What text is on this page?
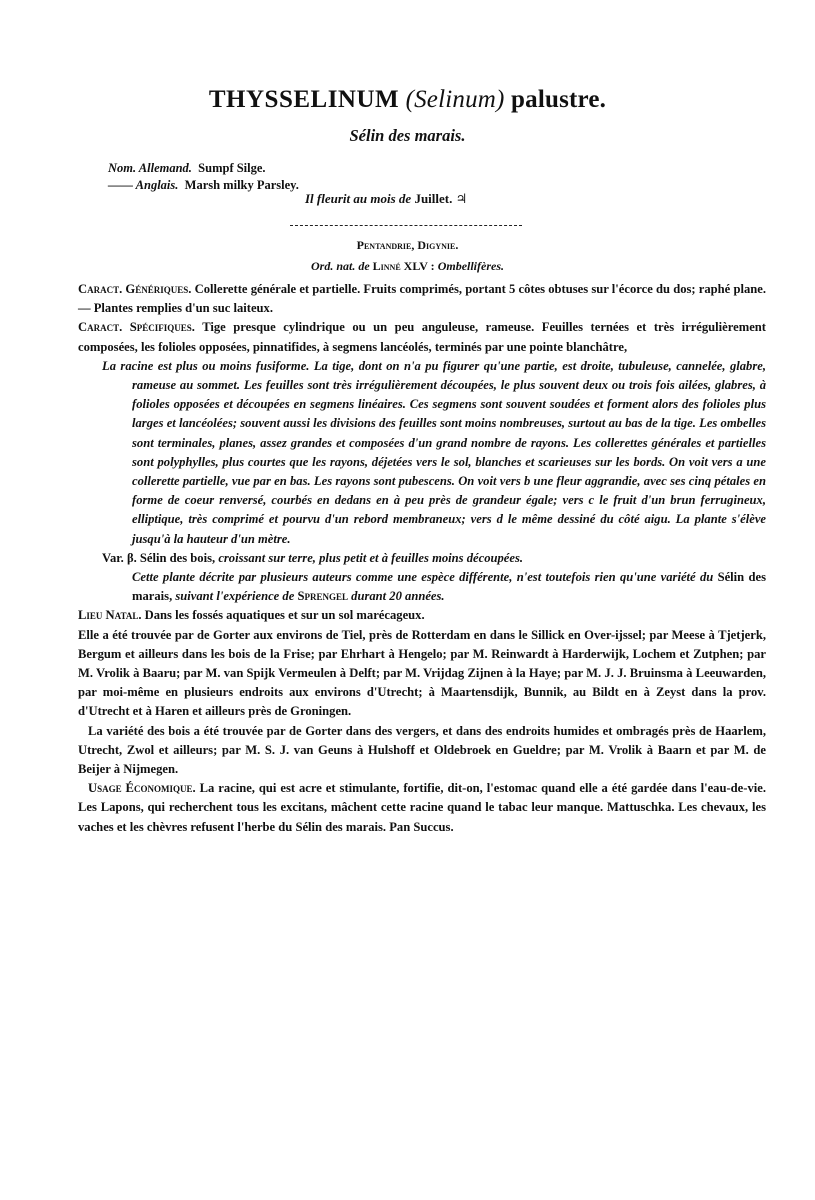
THYSSELINUM (Selinum) palustre.
Sélin des marais.
Nom. Allemand. Sumpf Silge.
—— Anglais. Marsh milky Parsley.
Il fleurit au mois de Juillet. ♃
Pentandrie, Digynie.
Ord. nat. de Linné XLV : Ombellifères.

Caract. Génériques. Collerette générale et partielle. Fruits comprimés, portant 5 côtes obtuses sur l'écorce du dos; raphé plane. — Plantes remplies d'un suc laiteux.

Caract. Spécifiques. Tige presque cylindrique ou un peu anguleuse, rameuse. Feuilles ternées et très irrégulièrement composées, les folioles opposées, pinnatifides, à segmens lancéolés, terminés par une pointe blanchâtre,

La racine est plus ou moins fusiforme. La tige, dont on n'a pu figurer qu'une partie, est droite, tubuleuse, cannelée, glabre, rameuse au sommet. Les feuilles sont très irrégulièrement découpées, le plus souvent deux ou trois fois ailées, glabres, à folioles opposées et découpées en segmens linéaires. Ces segmens sont souvent soudées et forment alors des folioles plus larges et lancéolées; souvent aussi les divisions des feuilles sont moins nombreuses, surtout au bas de la tige. Les ombelles sont terminales, planes, assez grandes et composées d'un grand nombre de rayons. Les collerettes générales et partielles sont polyphylles, plus courtes que les rayons, déjetées vers le sol, blanches et scarieuses sur les bords. On voit vers a une collerette partielle, vue par en bas. Les rayons sont pubescens. On voit vers b une fleur aggrandie, avec ses cinq pétales en forme de coeur renversé, courbés en dedans en à peu près de grandeur égale; vers c le fruit d'un brun ferrugineux, elliptique, très comprimé et pourvu d'un rebord membraneux; vers d le même dessiné du côté aigu. La plante s'élève jusqu'à la hauteur d'un mètre.

Var. β. Sélin des bois, croissant sur terre, plus petit et à feuilles moins découpées.

Cette plante décrite par plusieurs auteurs comme une espèce différente, n'est toutefois rien qu'une variété du Sélin des marais, suivant l'expérience de Sprengel durant 20 années.

Lieu Natal. Dans les fossés aquatiques et sur un sol marécageux.

Elle a été trouvée par de Gorter aux environs de Tiel, près de Rotterdam en dans le Sillick en Over-ijssel; par Meese à Tjetjerk, Bergum et ailleurs dans les bois de la Frise; par Ehrhart à Hengelo; par M. Reinwardt à Harderwijk, Lochem et Zutphen; par M. Vrolik à Baaru; par M. van Spijk Vermeulen à Delft; par M. Vrijdag Zijnen à la Haye; par M. J. J. Bruinsma à Leeuwarden, par moi-même en plusieurs endroits aux environs d'Utrecht; à Maartensdijk, Bunnik, au Bildt en à Zeyst dans la prov. d'Utrecht et à Haren et ailleurs près de Groningen.

La variété des bois a été trouvée par de Gorter dans des vergers, et dans des endroits humides et ombragés près de Haarlem, Utrecht, Zwol et ailleurs; par M. S. J. van Geuns à Hulshoff et Oldebroek en Gueldre; par M. Vrolik à Baarn et par M. de Beijer à Nijmegen.

Usage Économique. La racine, qui est acre et stimulante, fortifie, dit-on, l'estomac quand elle a été gardée dans l'eau-de-vie. Les Lapons, qui recherchent tous les excitans, mâchent cette racine quand le tabac leur manque. Mattuschka. Les chevaux, les vaches et les chèvres refusent l'herbe du Sélin des marais. Pan Succus.
